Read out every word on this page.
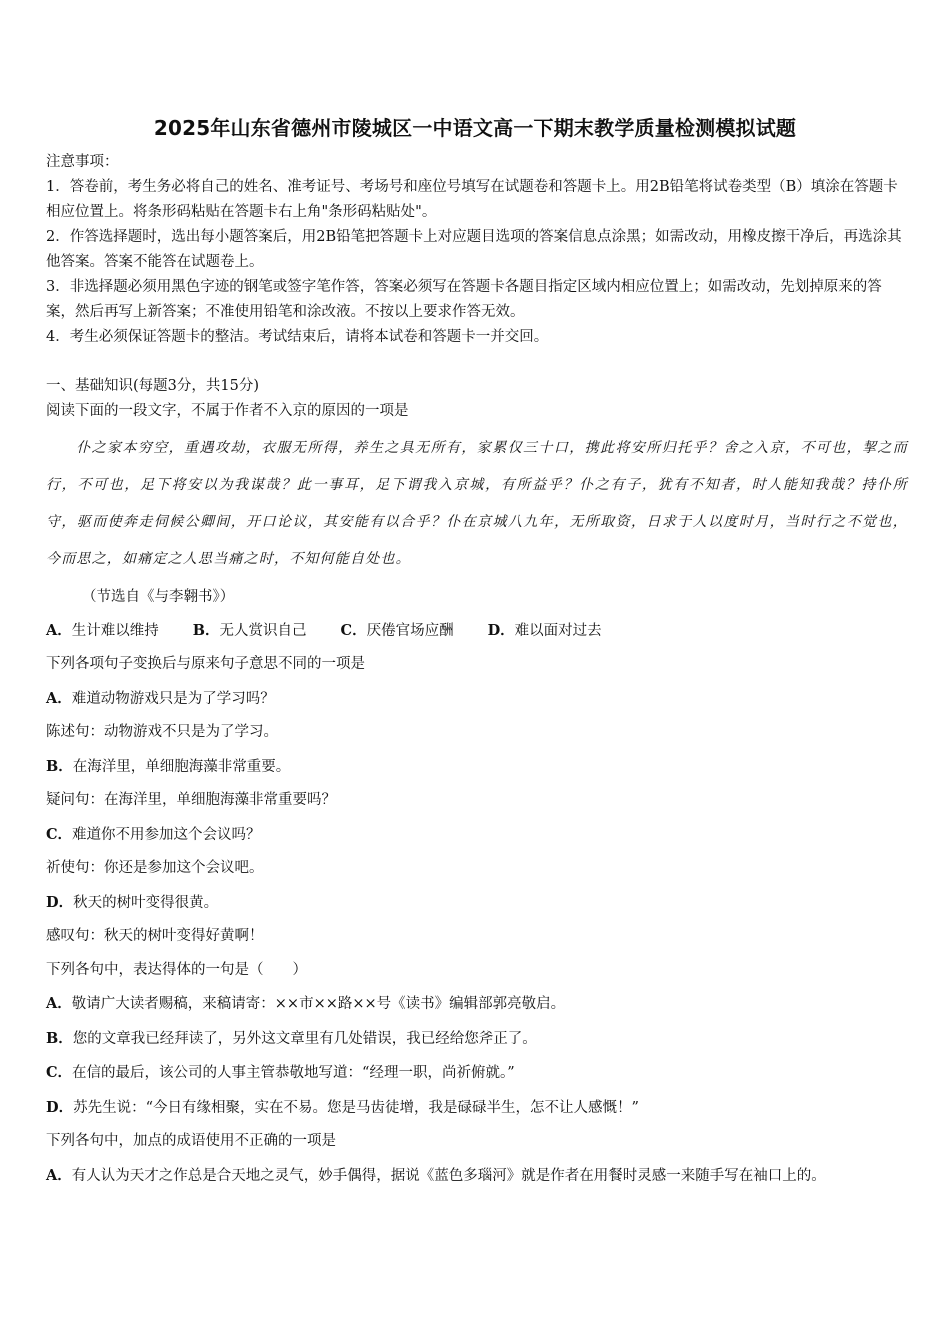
2025年山东省德州市陵城区一中语文高一下期末教学质量检测模拟试题

注意事项：

1．答卷前，考生务必将自己的姓名、准考证号、考场号和座位号填写在试题卷和答题卡上。用2B铅笔将试卷类型（B）填涂在答题卡相应位置上。将条形码粘贴在答题卡右上角"条形码粘贴处"。

2．作答选择题时，选出每小题答案后，用2B铅笔把答题卡上对应题目选项的答案信息点涂黑；如需改动，用橡皮擦干净后，再选涂其他答案。答案不能答在试题卷上。

3．非选择题必须用黑色字迹的钢笔或签字笔作答，答案必须写在答题卡各题目指定区域内相应位置上；如需改动，先划掉原来的答案，然后再写上新答案；不准使用铅笔和涂改液。不按以上要求作答无效。

4．考生必须保证答题卡的整洁。考试结束后，请将本试卷和答题卡一并交回。

一、基础知识(每题3分，共15分)

阅读下面的一段文字，不属于作者不入京的原因的一项是

仆之家本穷空，重遇攻劫，衣服无所得，养生之具无所有，家累仅三十口，携此将安所归托乎？舍之入京，不可也，挈之而行，不可也，足下将安以为我谋哉？此一事耳，足下谓我入京城，有所益乎？仆之有子，犹有不知者，时人能知我哉？持仆所守，驱而使奔走伺候公卿间，开口论议，其安能有以合乎？仆在京城八九年，无所取资，日求于人以度时月，当时行之不觉也，今而思之，如痛定之人思当痛之时，不知何能自处也。

（节选自《与李翱书》）

A．生计难以维持 B．无人赏识自己 C．厌倦官场应酬 D．难以面对过去

下列各项句子变换后与原来句子意思不同的一项是

A．难道动物游戏只是为了学习吗？

陈述句：动物游戏不只是为了学习。

B．在海洋里，单细胞海藻非常重要。

疑问句：在海洋里，单细胞海藻非常重要吗？

C．难道你不用参加这个会议吗？

祈使句：你还是参加这个会议吧。

D．秋天的树叶变得很黄。

感叹句：秋天的树叶变得好黄啊！

下列各句中，表达得体的一句是（　　）

A．敬请广大读者赐稿，来稿请寄：××市××路××号《读书》编辑部郭亮敬启。

B．您的文章我已经拜读了，另外这文章里有几处错误，我已经给您斧正了。

C．在信的最后，该公司的人事主管恭敬地写道：“经理一职，尚祈俯就。”

D．苏先生说：“今日有缘相聚，实在不易。您是马齿徒增，我是碌碌半生，怎不让人感慨！”

下列各句中，加点的成语使用不正确的一项是

A．有人认为天才之作总是合天地之灵气，妙手偶得，据说《蓝色多瑙河》就是作者在用餐时灵感一来随手写在袖口上的。
